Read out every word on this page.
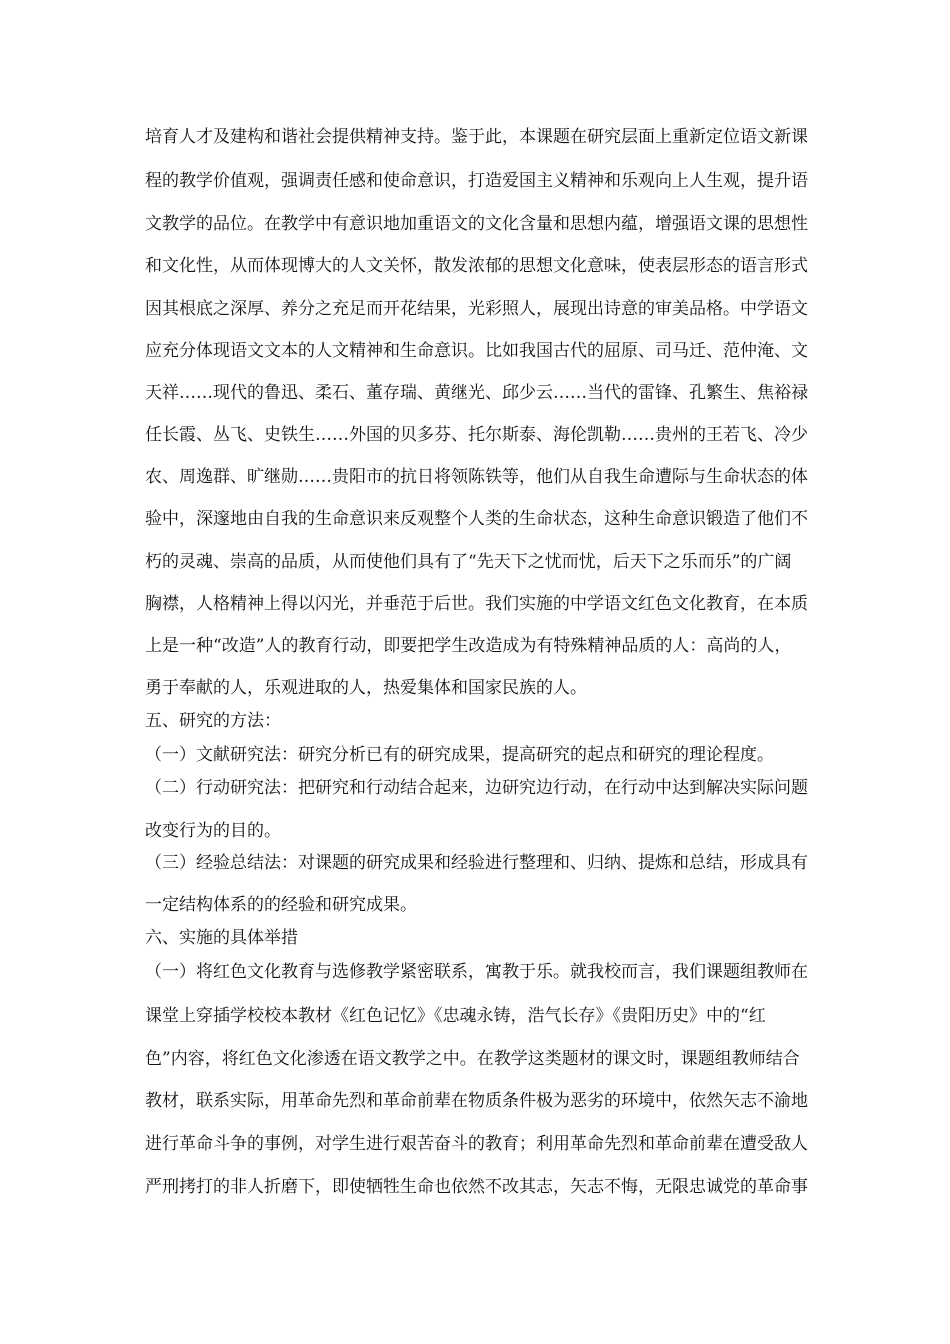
培育人才及建构和谐社会提供精神支持。鉴于此，本课题在研究层面上重新定位语文新课
程的教学价值观，强调责任感和使命意识，打造爱国主义精神和乐观向上人生观，提升语
文教学的品位。在教学中有意识地加重语文的文化含量和思想内蕴，增强语文课的思想性
和文化性，从而体现博大的人文关怀，散发浓郁的思想文化意味，使表层形态的语言形式
因其根底之深厚、养分之充足而开花结果，光彩照人，展现出诗意的审美品格。中学语文
应充分体现语文文本的人文精神和生命意识。比如我国古代的屈原、司马迁、范仲淹、文
天祥……现代的鲁迅、柔石、董存瑞、黄继光、邱少云……当代的雷锋、孔繁生、焦裕禄
任长霞、丛飞、史铁生……外国的贝多芬、托尔斯泰、海伦凯勒……贵州的王若飞、冷少
农、周逸群、旷继勋……贵阳市的抗日将领陈铁等，他们从自我生命遭际与生命状态的体
验中，深邃地由自我的生命意识来反观整个人类的生命状态，这种生命意识锻造了他们不
朽的灵魂、崇高的品质，从而使他们具有了“先天下之忧而忧，后天下之乐而乐”的广阔
胸襟，人格精神上得以闪光，并垂范于后世。我们实施的中学语文红色文化教育，在本质
上是一种“改造”人的教育行动，即要把学生改造成为有特殊精神品质的人：高尚的人，
勇于奉献的人，乐观进取的人，热爱集体和国家民族的人。
五、研究的方法：
（一）文献研究法：研究分析已有的研究成果，提高研究的起点和研究的理论程度。
（二）行动研究法：把研究和行动结合起来，边研究边行动，在行动中达到解决实际问题
改变行为的目的。
（三）经验总结法：对课题的研究成果和经验进行整理和、归纳、提炼和总结，形成具有
一定结构体系的的经验和研究成果。
六、实施的具体举措
（一）将红色文化教育与选修教学紧密联系，寓教于乐。就我校而言，我们课题组教师在
课堂上穿插学校校本教材《红色记忆》《忠魂永铸，浩气长存》《贵阳历史》中的“红
色”内容，将红色文化渗透在语文教学之中。在教学这类题材的课文时，课题组教师结合
教材，联系实际，用革命先烈和革命前辈在物质条件极为恶劣的环境中，依然矢志不渝地
进行革命斗争的事例，对学生进行艰苦奋斗的教育；利用革命先烈和革命前辈在遭受敌人
严刑拷打的非人折磨下，即使牺牲生命也依然不改其志，矢志不悔，无限忠诚党的革命事
